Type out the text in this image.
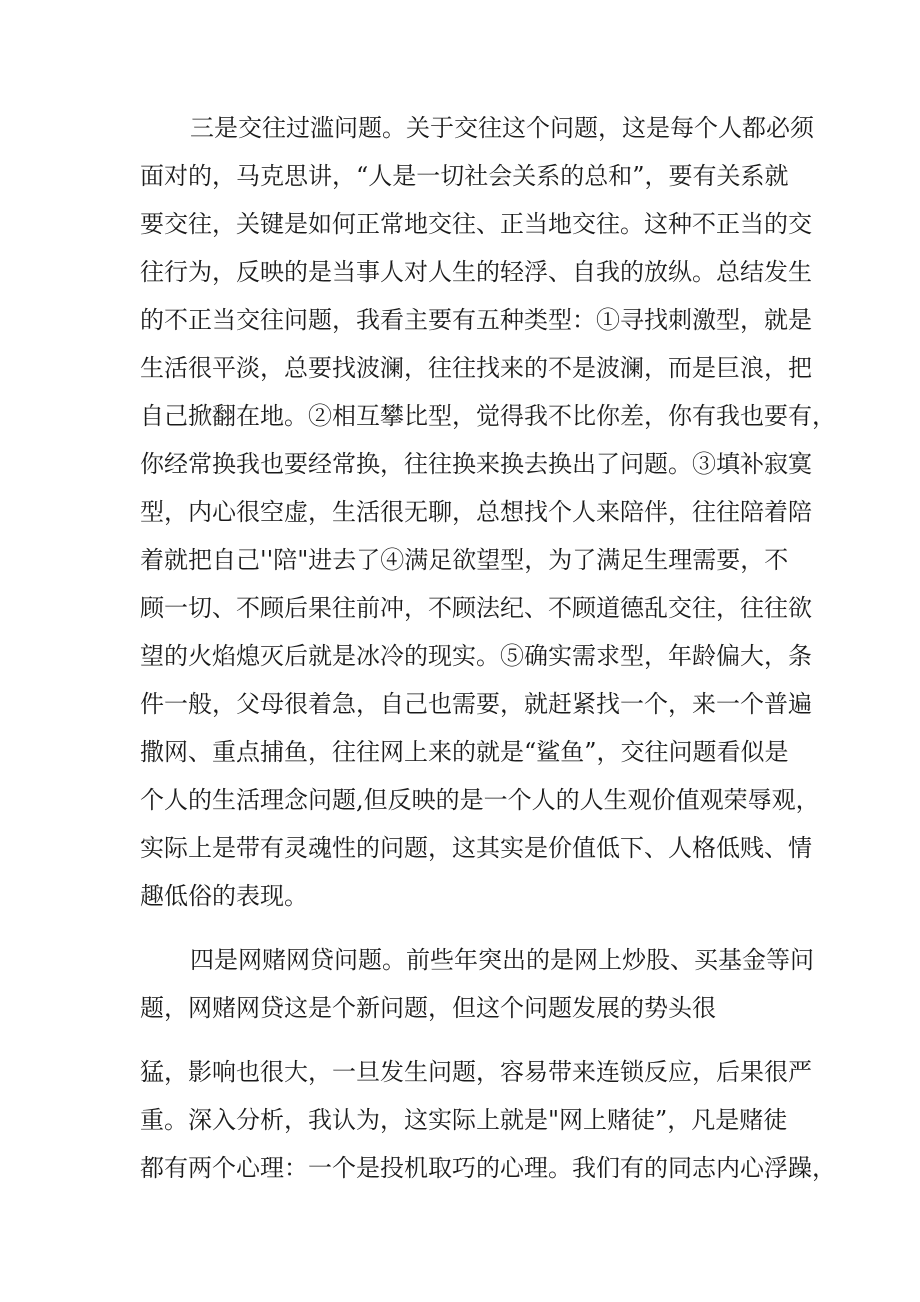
三是交往过滥问题。关于交往这个问题，这是每个人都必须
面对的，马克思讲，“人是一切社会关系的总和”，要有关系就
要交往，关键是如何正常地交往、正当地交往。这种不正当的交
往行为，反映的是当事人对人生的轻浮、自我的放纵。总结发生
的不正当交往问题，我看主要有五种类型：①寻找刺激型，就是
生活很平淡，总要找波澜，往往找来的不是波澜，而是巨浪，把
自己掀翻在地。②相互攀比型，觉得我不比你差，你有我也要有，
你经常换我也要经常换，往往换来换去换出了问题。③填补寂寞
型，内心很空虚，生活很无聊，总想找个人来陪伴，往往陪着陪
着就把自己''陪"进去了④满足欲望型，为了满足生理需要，不
顾一切、不顾后果往前冲，不顾法纪、不顾道德乱交往，往往欲
望的火焰熄灭后就是冰冷的现实。⑤确实需求型，年龄偏大，条
件一般，父母很着急，自己也需要，就赶紧找一个，来一个普遍
撒网、重点捕鱼，往往网上来的就是“鲨鱼”，交往问题看似是
个人的生活理念问题,但反映的是一个人的人生观价值观荣辱观，
实际上是带有灵魂性的问题，这其实是价值低下、人格低贱、情
趣低俗的表现。
四是网赌网贷问题。前些年突出的是网上炒股、买基金等问
题，网赌网贷这是个新问题，但这个问题发展的势头很
猛，影响也很大，一旦发生问题，容易带来连锁反应，后果很严
重。深入分析，我认为，这实际上就是"网上赌徒”，凡是赌徒
都有两个心理：一个是投机取巧的心理。我们有的同志内心浮躁，
